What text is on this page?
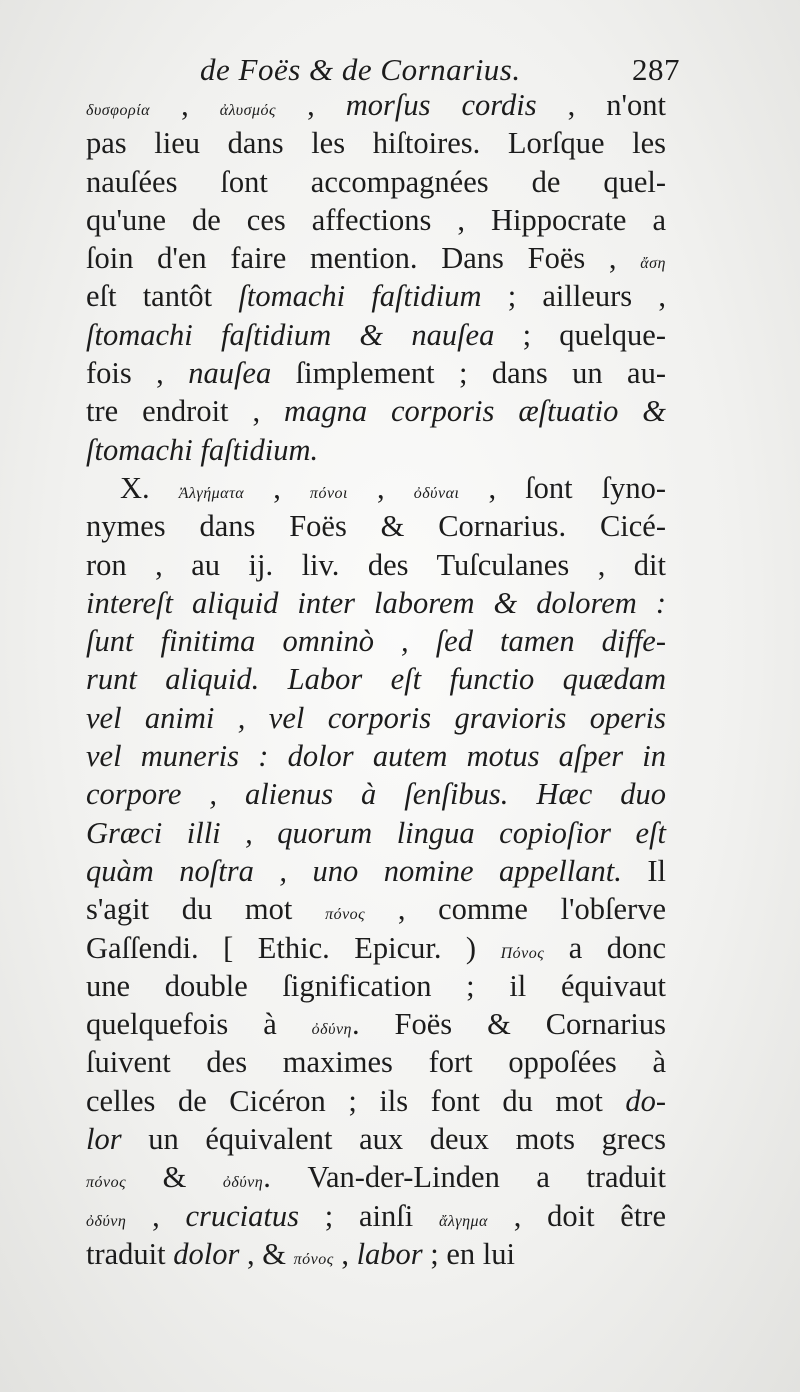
de Foës & de Cornarius.	287
δυσφορία , ἀλυσμός , morſus cordis , n'ont
pas lieu dans les hiſtoires. Lorſque les
nauſées ſont accompagnées de quel-
qu'une de ces affections , Hippocrate a
ſoin d'en faire mention. Dans Foës , ἄση
eſt tantôt ſtomachi faſtidium ; ailleurs ,
ſtomachi faſtidium & nauſea ; quelque-
fois , nauſea ſimplement ; dans un au-
tre endroit , magna corporis æſtuatio &
ſtomachi faſtidium.
X. Ἀλγήματα , πόνοι , ὀδύναι , ſont ſyno-
nymes dans Foës & Cornarius. Cicé-
ron , au ij. liv. des Tuſculanes , dit
intereſt aliquid inter laborem & dolorem :
ſunt finitima omninò , ſed tamen diffe-
runt aliquid. Labor eſt functio quædam
vel animi , vel corporis gravioris operis
vel muneris : dolor autem motus aſper in
corpore , alienus à ſenſibus. Hæc duo
Græci illi , quorum lingua copioſior eſt
quàm noſtra , uno nomine appellant. Il
s'agit du mot πόνος , comme l'obſerve
Gaſſendi. [ Ethic. Epicur. ) Πόνος a donc
une double ſignification ; il équivaut
quelquefois à ὀδύνη. Foës & Cornarius
ſuivent des maximes fort oppoſées à
celles de Cicéron ; ils font du mot do-
lor un équivalent aux deux mots grecs
πόνος & ὀδύνη. Van-der-Linden a traduit
ὀδύνη , cruciatus ; ainſi ἄλγημα , doit être
traduit dolor , & πόνος , labor ; en lui
